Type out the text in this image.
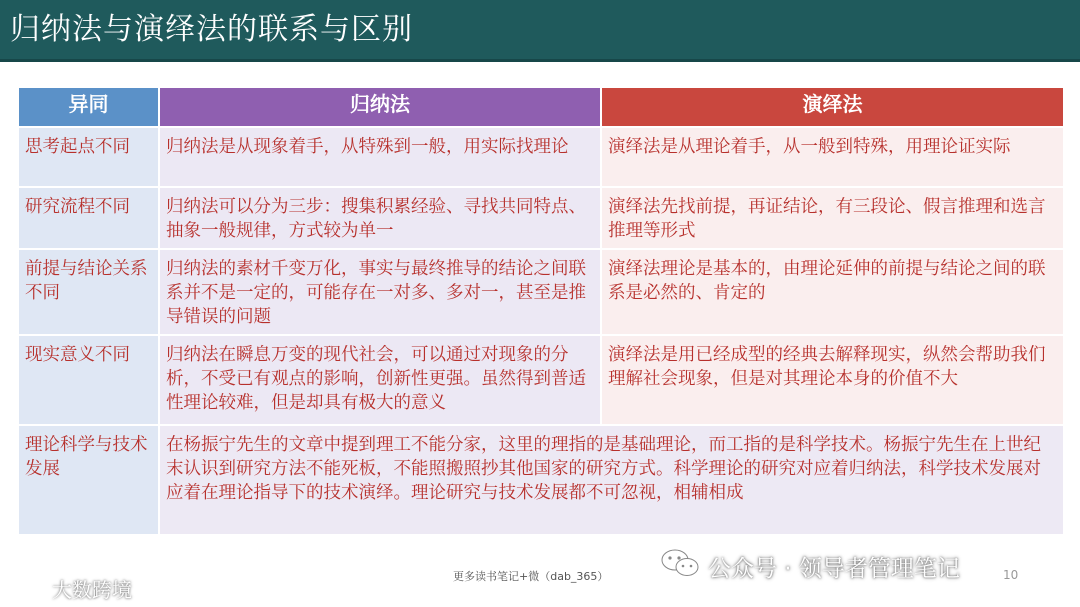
归纳法与演绎法的联系与区别
异同	归纳法	演绎法
思考起点不同	归纳法是从现象着手，从特殊到一般，用实际找理论	演绎法是从理论着手，从一般到特殊，用理论证实际
研究流程不同	归纳法可以分为三步：搜集积累经验、寻找共同特点、抽象一般规律，方式较为单一	演绎法先找前提，再证结论，有三段论、假言推理和选言推理等形式
前提与结论关系不同	归纳法的素材千变万化，事实与最终推导的结论之间联系并不是一定的，可能存在一对多、多对一，甚至是推导错误的问题	演绎法理论是基本的，由理论延伸的前提与结论之间的联系是必然的、肯定的
现实意义不同	归纳法在瞬息万变的现代社会，可以通过对现象的分析，不受已有观点的影响，创新性更强。虽然得到普适性理论较难，但是却具有极大的意义	演绎法是用已经成型的经典去解释现实，纵然会帮助我们理解社会现象，但是对其理论本身的价值不大
理论科学与技术发展	在杨振宁先生的文章中提到理工不能分家，这里的理指的是基础理论，而工指的是科学技术。杨振宁先生在上世纪末认识到研究方法不能死板，不能照搬照抄其他国家的研究方式。科学理论的研究对应着归纳法，科学技术发展对应着在理论指导下的技术演绎。理论研究与技术发展都不可忽视，相辅相成	
大数跨境
更多读书笔记+微（dab_365）	公众号 · 领导者管理笔记	10
